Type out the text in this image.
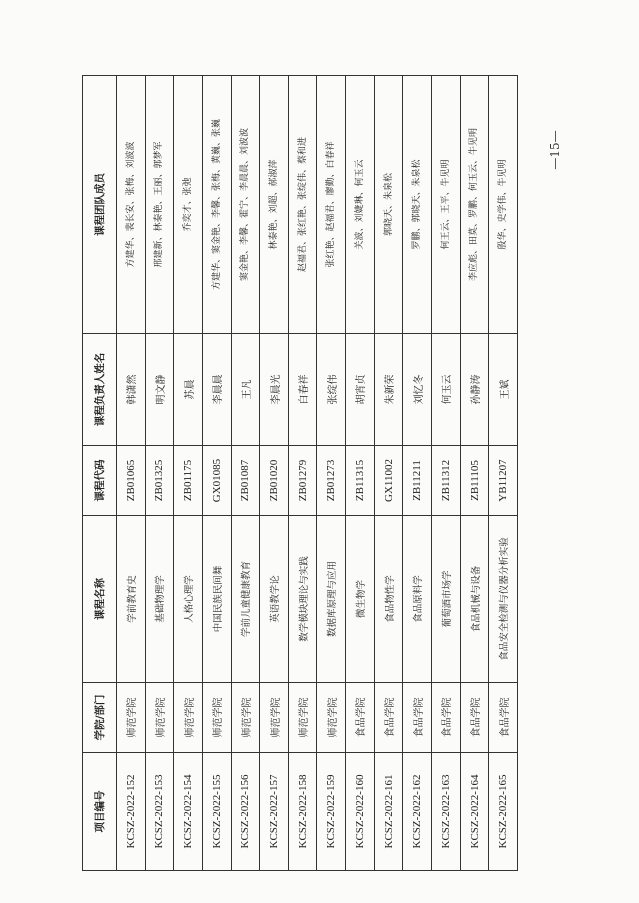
项目编号	学院/部门	课程名称	课程代码	课程负责人姓名	课程团队成员
KCSZ-2022-152	师范学院	学前教育史	ZB01065	韩潇然	方建华、裴长安、张梅、刘波波
KCSZ-2022-153	师范学院	基础物理学	ZB01325	明文静	邢建新、林泰艳、王丽、郭梦军
KCSZ-2022-154	师范学院	人格心理学	ZB01175	苏晨	乔奕才、张弛
KCSZ-2022-155	师范学院	中国民族民间舞	GX01085	李晨晨	方建华、窦金艳、李馨、张梅、黄巍、张巍
KCSZ-2022-156	师范学院	学前儿童健康教育	ZB01087	王凡	窦金艳、李馨、霍宁、李晨晨、刘波波
KCSZ-2022-157	师范学院	英语教学论	ZB01020	李晨光	林泰艳、刘超、郝淑萍
KCSZ-2022-158	师范学院	数学模块理论与实践	ZB01279	白春祥	赵福君、张红艳、张绽伟、蔡和进
KCSZ-2022-159	师范学院	数据库原理与应用	ZB01273	张绽伟	张红艳、赵福君、廖勤、白春祥
KCSZ-2022-160	食品学院	微生物学	ZB11315	胡宵贞	关波、刘婕琳、何玉云
KCSZ-2022-161	食品学院	食品物性学	GX11002	朱新荣	郭晓天、朱泉松
KCSZ-2022-162	食品学院	食品原料学	ZB11211	刘忆冬	罗鹏、郭晓天、朱泉松
KCSZ-2022-163	食品学院	葡萄酒市场学	ZB11312	何玉云	何王云、王平、牛见明
KCSZ-2022-164	食品学院	食品机械与设备	ZB11105	孙静涛	李应彪、田莫、罗鹏、何玉云、牛见明
KCSZ-2022-165	食品学院	食品安全检测与仪器分析实验	YB11207	王斌	殷华、史学伟、牛见明
—15—
